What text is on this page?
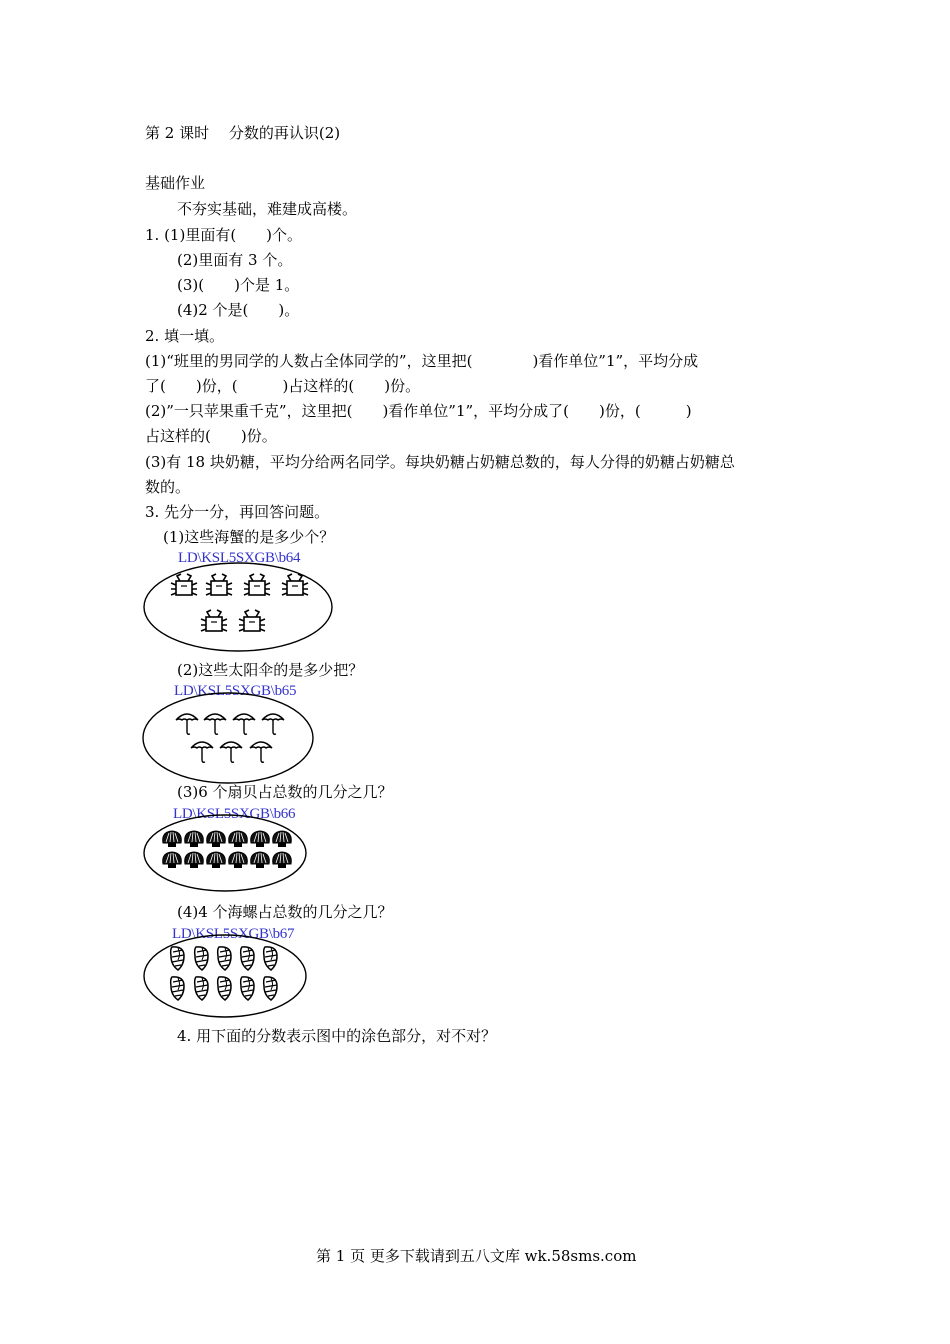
第 2 课时　 分数的再认识(2)
基础作业
不夯实基础，难建成高楼。
1. (1)里面有(　　)个。
(2)里面有 3 个。
(3)(　　)个是 1。
(4)2 个是(　　)。
2. 填一填。
(1)“班里的男同学的人数占全体同学的”，这里把(　　　　)看作单位”1”，平均分成
了(　　)份，(　　　)占这样的(　　)份。
(2)”一只苹果重千克”，这里把(　　)看作单位”1”，平均分成了(　　)份，(　　　)
占这样的(　　)份。
(3)有 18 块奶糖，平均分给两名同学。每块奶糖占奶糖总数的，每人分得的奶糖占奶糖总
数的。
3. 先分一分，再回答问题。
(1)这些海蟹的是多少个？
LD\KSL5SXGB\b64
(2)这些太阳伞的是多少把？
LD\KSL5SXGB\b65
(3)6 个扇贝占总数的几分之几？
LD\KSL5SXGB\b66
(4)4 个海螺占总数的几分之几？
LD\KSL5SXGB\b67
4. 用下面的分数表示图中的涂色部分，对不对？
第 1 页 更多下载请到五八文库 wk.58sms.com
